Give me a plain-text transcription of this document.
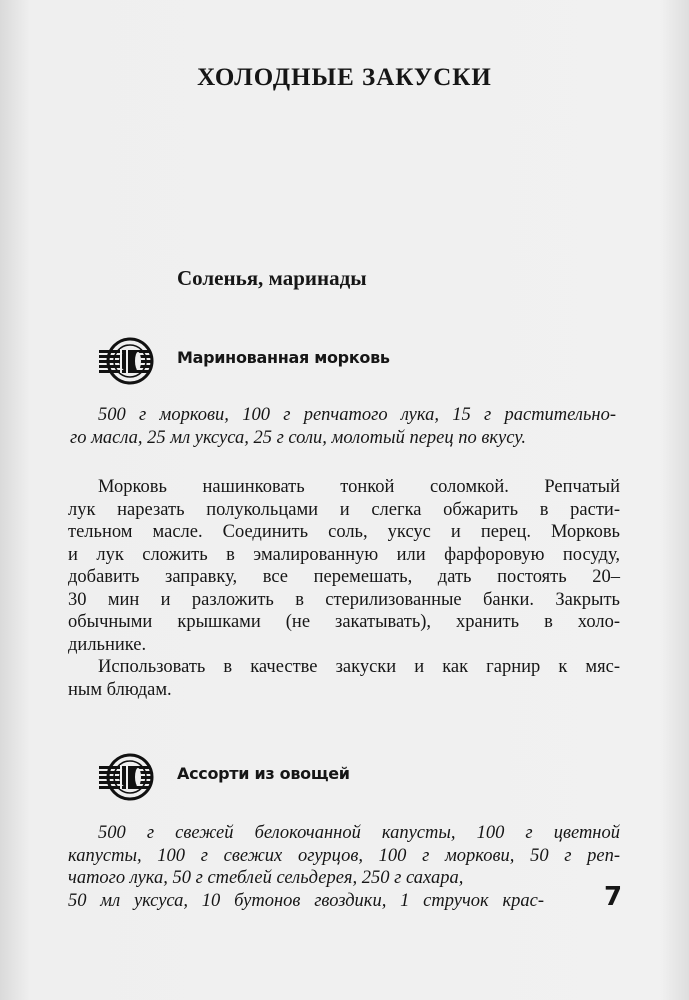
ХОЛОДНЫЕ ЗАКУСКИ
Соленья, маринады
Маринованная морковь
500 г моркови, 100 г репчатого лука, 15 г растительно-
го масла, 25 мл уксуса, 25 г соли, молотый перец по вкусу.
Морковь нашинковать тонкой соломкой. Репчатый
лук нарезать полукольцами и слегка обжарить в расти-
тельном масле. Соединить соль, уксус и перец. Морковь
и лук сложить в эмалированную или фарфоровую посуду,
добавить заправку, все перемешать, дать постоять 20–
30 мин и разложить в стерилизованные банки. Закрыть
обычными крышками (не закатывать), хранить в холо-
дильнике.
Использовать в качестве закуски и как гарнир к мяс-
ным блюдам.
Ассорти из овощей
500 г свежей белокочанной капусты, 100 г цветной
капусты, 100 г свежих огурцов, 100 г моркови, 50 г реп-
чатого лука, 50 г стеблей сельдерея, 250 г сахара,
50 мл уксуса, 10 бутонов гвоздики, 1 стручок крас- 7
